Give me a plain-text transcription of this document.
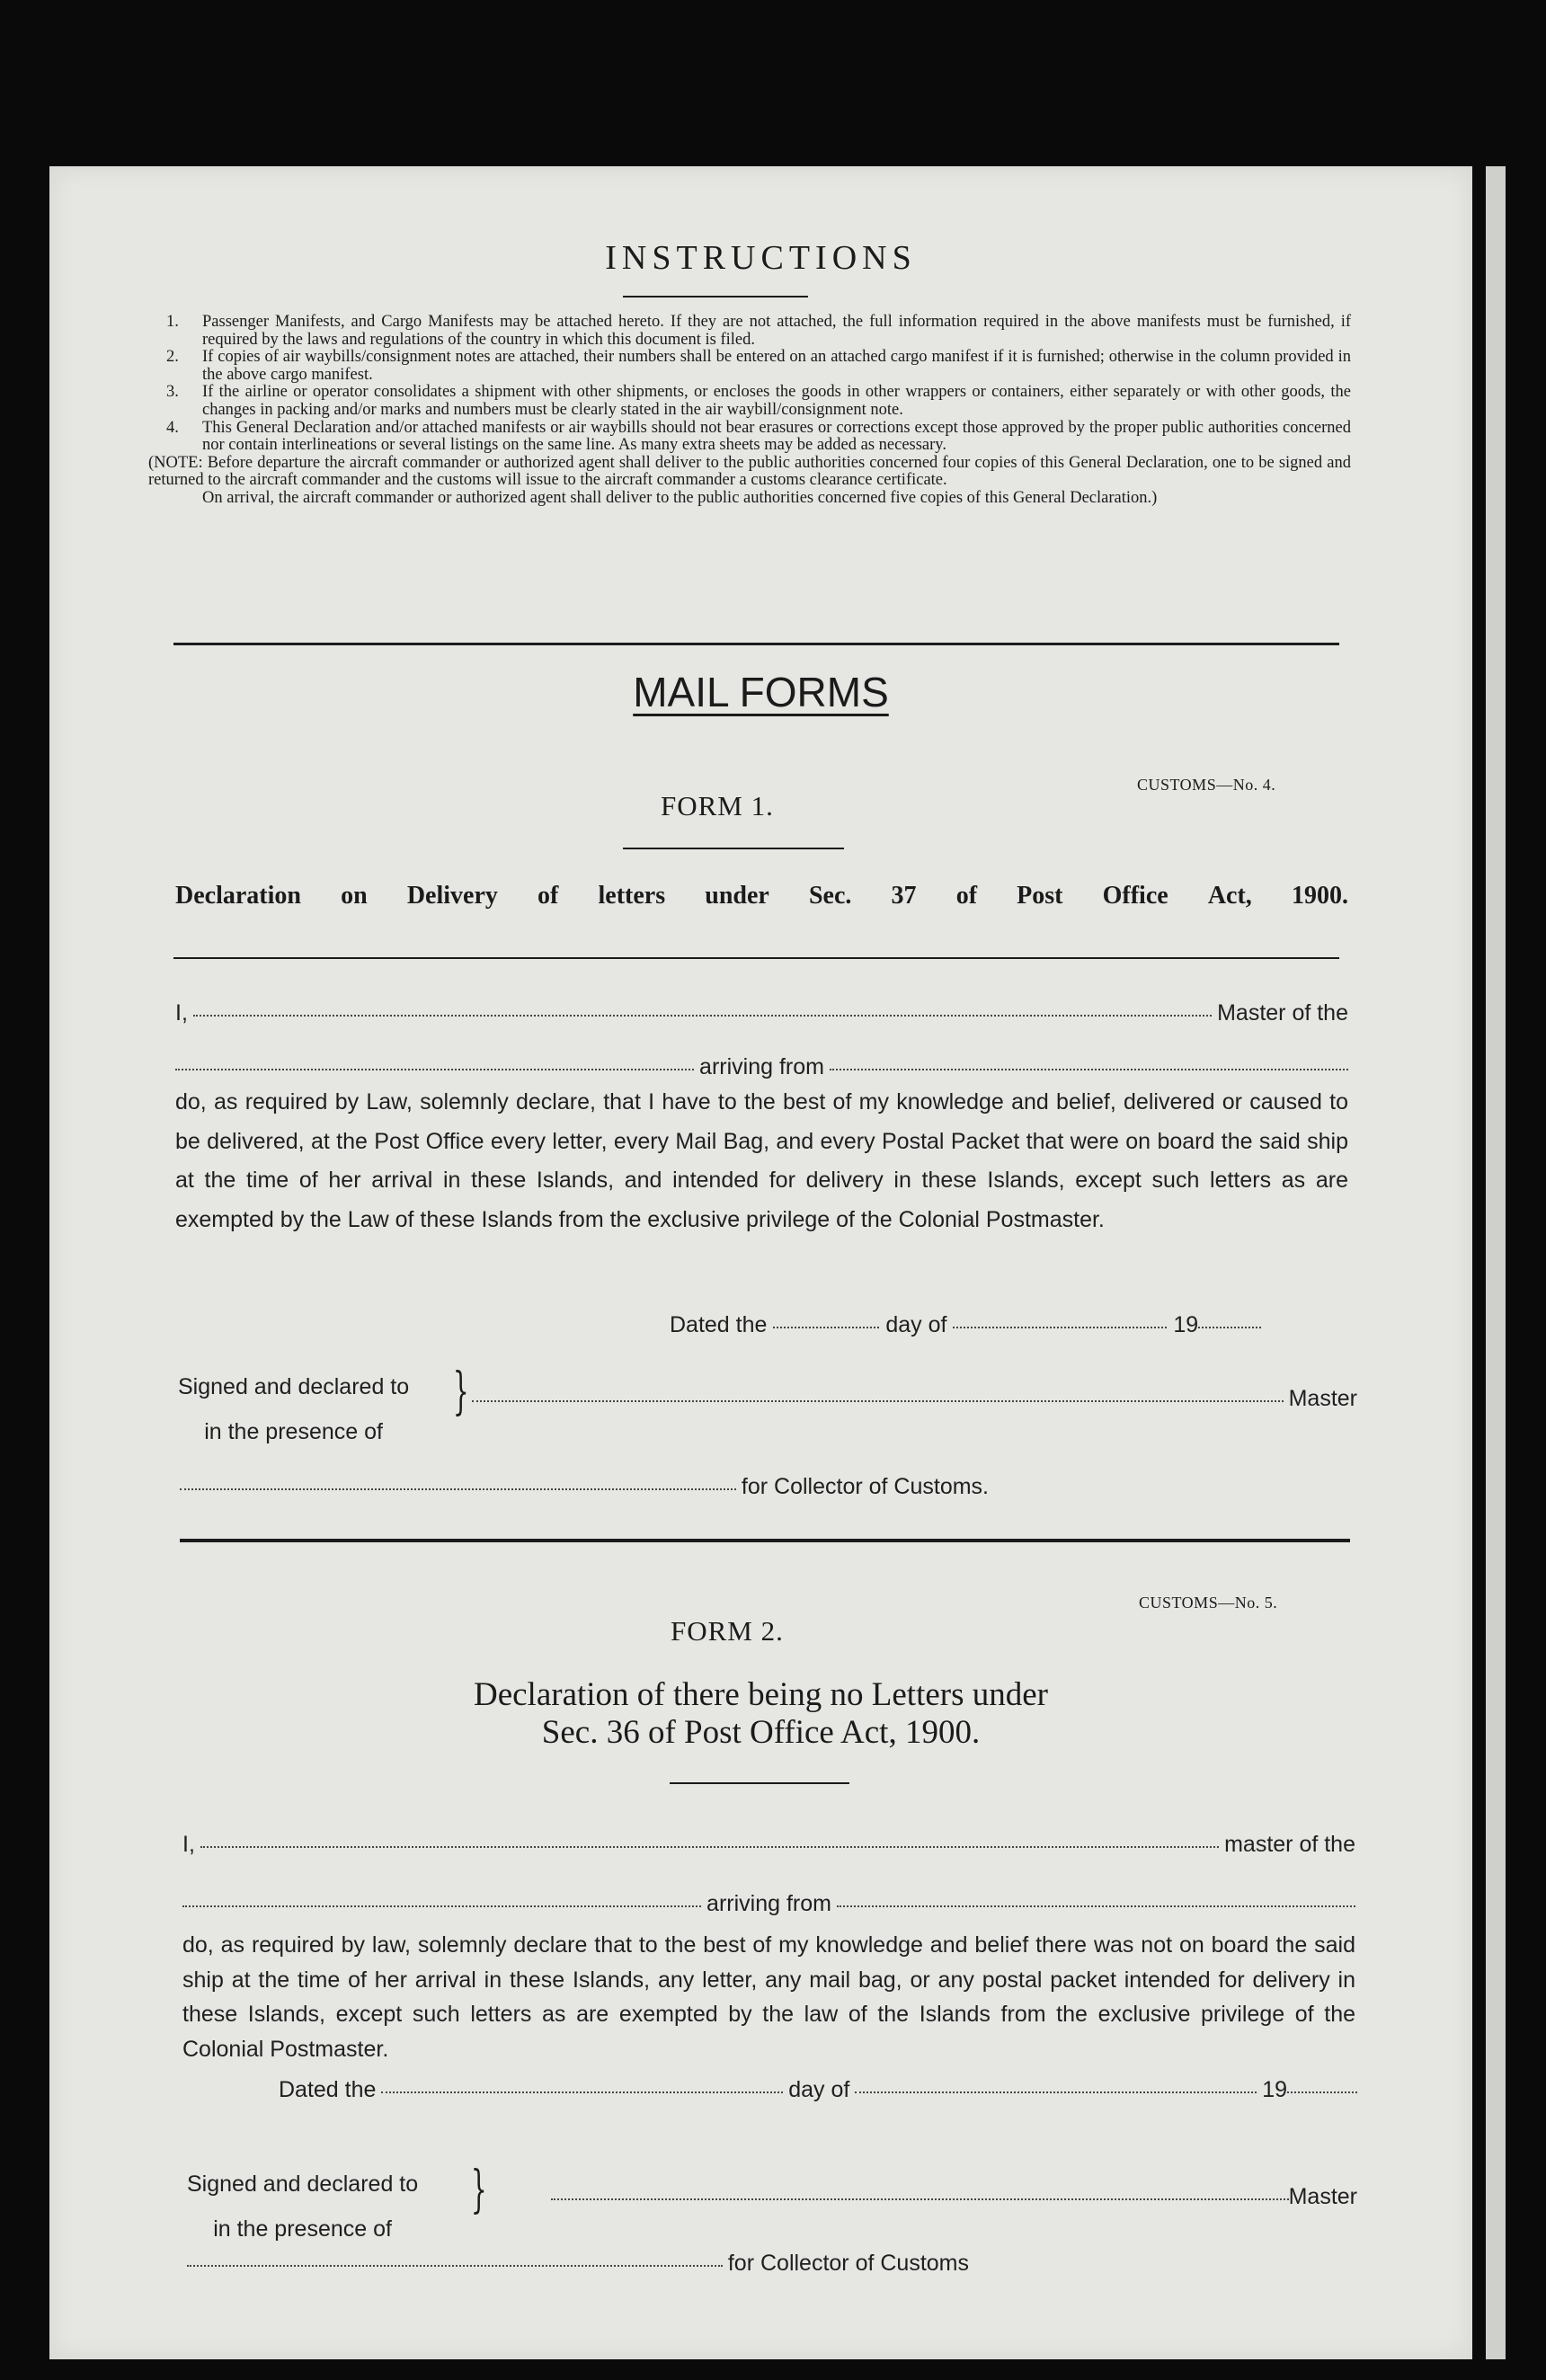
INSTRUCTIONS
1.	Passenger Manifests, and Cargo Manifests may be attached hereto. If they are not attached, the full information required in the above manifests must be furnished, if required by the laws and regulations of the country in which this document is filed.
2.	If copies of air waybills/consignment notes are attached, their numbers shall be entered on an attached cargo manifest if it is furnished; otherwise in the column provided in the above cargo manifest.
3.	If the airline or operator consolidates a shipment with other shipments, or encloses the goods in other wrappers or containers, either separately or with other goods, the changes in packing and/or marks and numbers must be clearly stated in the air waybill/consignment note.
4.	This General Declaration and/or attached manifests or air waybills should not bear erasures or corrections except those approved by the proper public authorities concerned nor contain interlineations or several listings on the same line. As many extra sheets may be added as necessary.
(NOTE: Before departure the aircraft commander or authorized agent shall deliver to the public authorities concerned four copies of this General Declaration, one to be signed and returned to the aircraft commander and the customs will issue to the aircraft commander a customs clearance certificate.
On arrival, the aircraft commander or authorized agent shall deliver to the public authorities concerned five copies of this General Declaration.)
MAIL FORMS
CUSTOMS—No. 4.
FORM 1.
Declaration on Delivery of letters under Sec. 37 of Post Office Act, 1900.
I,	Master of the
arriving from
do, as required by Law, solemnly declare, that I have to the best of my knowledge and belief, delivered or caused to be delivered, at the Post Office every letter, every Mail Bag, and every Postal Packet that were on board the said ship at the time of her arrival in these Islands, and intended for delivery in these Islands, except such letters as are exempted by the Law of these Islands from the exclusive privilege of the Colonial Postmaster.
Dated the	day of	19
Signed and declared to
in the presence of
}	Master
for Collector of Customs.
CUSTOMS—No. 5.
FORM 2.
Declaration of there being no Letters under
Sec. 36 of Post Office Act, 1900.
I,	master of the
arriving from
do, as required by law, solemnly declare that to the best of my knowledge and belief there was not on board the said ship at the time of her arrival in these Islands, any letter, any mail bag, or any postal packet intended for delivery in these Islands, except such letters as are exempted by the law of the Islands from the exclusive privilege of the Colonial Postmaster.
Dated the	day of	19
Signed and declared to
in the presence of
}	Master
for Collector of Customs
